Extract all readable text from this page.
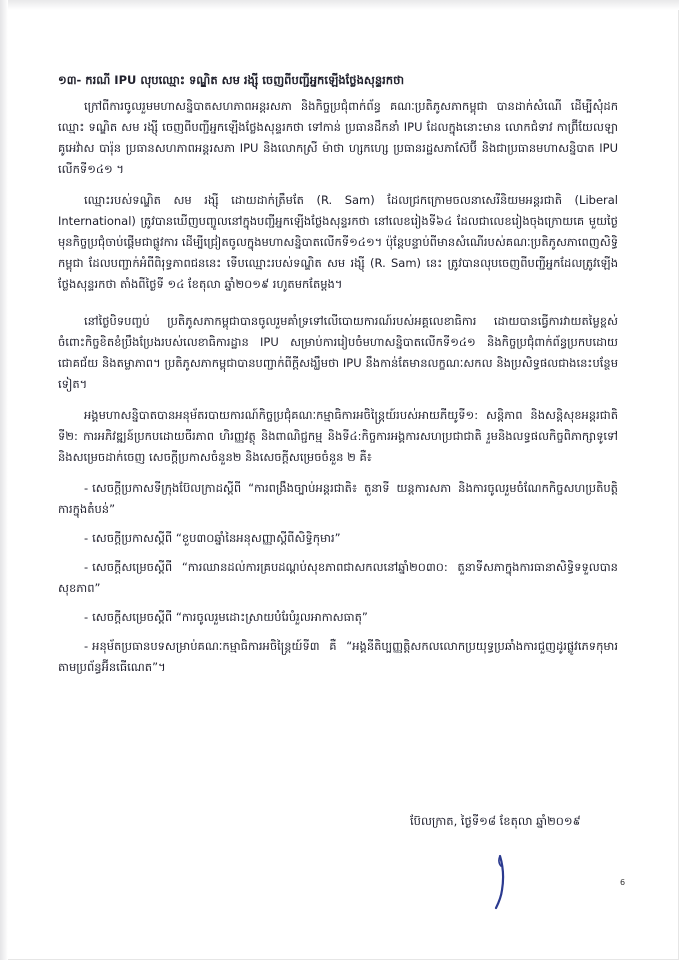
១៣- ករណី IPU លុបឈ្មោះ ទណ្ឌិត សម រង្ស៊ី ចេញពីបញ្ជីអ្នកឡើងថ្លែងសុន្ទរកថា

ក្រៅពីការចូលរួមមហាសន្និបាតសហភាពអន្តរសភា និងកិច្ចប្រជុំពាក់ព័ន្ធ គណៈប្រតិភូសភាកម្ពុជា បានដាក់សំណើ ដើម្បីសុំដកឈ្មោះ ទណ្ឌិត សម រង្ស៊ី ចេញពីបញ្ជីអ្នកឡើងថ្លែងសុន្ទរកថា ទៅកាន់ ប្រធានដឹកនាំ IPU ដែលក្នុងនោះមាន លោកជំទាវ កាព្រ៊ីយែលឡា គូអេវ៉ាស បារ៉ុន ប្រធានសហភាពអន្តរសភា IPU និងលោកស្រី ម៉ាថា ហ្សកហ្សេ ប្រធានរដ្ឋសភាស៊ែប៊ី និងជាប្រធានមហាសន្និបាត IPU លើកទី១៤១ ។

ឈ្មោះរបស់ទណ្ឌិត សម រង្ស៊ី ដោយដាក់ត្រឹមតែ (R. Sam) ដែលជ្រកក្រោមចលនាសេរីនិយមអន្តរជាតិ (Liberal International) ត្រូវបានឃើញបញ្ចូលនៅក្នុងបញ្ជីអ្នកឡើងថ្លែងសុន្ទរកថា នៅលេខរៀងទី៦៤ ដែលជាលេខរៀងចុងក្រោយគេ មួយថ្ងៃមុនកិច្ចប្រជុំចាប់ផ្ដើមជាផ្លូវការ ដើម្បីជ្រៀតចូលក្នុងមហាសន្និបាតលើកទី១៤១។ ប៉ុន្តែបន្ទាប់ពីមានសំណើរបស់គណៈប្រតិភូសភាពេញសិទ្ធិកម្ពុជា ដែលបញ្ជាក់អំពីពិរុទ្ធភាពជននេះ ទើបឈ្មោះរបស់ទណ្ឌិត សម រង្ស៊ី (R. Sam) នេះ ត្រូវបានលុបចេញពីបញ្ជីអ្នកដែលត្រូវឡើងថ្លែងសុន្ទរកថា តាំងពីថ្ងៃទី ១៤ ខែតុលា ឆ្នាំ២០១៩ រហូតមកតែម្ដង។

នៅថ្ងៃបិទបញ្ចប់ ប្រតិភូសភាកម្ពុជាបានចូលរួមគាំទ្រទៅលើបោយការណ៍របស់អគ្គលេខាធិការ ដោយបានធ្វើការវាយតម្លៃខ្ពស់ ចំពោះកិច្ចខិតខំប្រឹងប្រែងរបស់លេខាធិការដ្ឋាន IPU សម្រាប់ការរៀបចំមហាសន្និបាតលើកទី១៤១ និងកិច្ចប្រជុំពាក់ព័ន្ធប្រកបដោយជោគជ័យ និងតម្លាភាព។ ប្រតិភូសភាកម្ពុជាបានបញ្ជាក់ពីក្ដីសង្ឃឹមថា IPU នឹងកាន់តែមានលក្ខណៈសកល និងប្រសិទ្ធផលជាងនេះបន្ថែមទៀត។

អង្គមហាសន្និបាតបានអនុម័តរបាយការណ៍កិច្ចប្រជុំគណៈកម្មាធិការអចិន្ត្រៃយ៍របស់អាយភីយូទី១: សន្តិភាព និងសន្តិសុខអន្តរជាតិ ទី២: ការអភិវឌ្ឍន៍ប្រកបដោយចីរភាព ហិរញ្ញវត្ថុ និងពាណិជ្ជកម្ម និងទី៤:កិច្ចការអង្គការសហប្រជាជាតិ រួមនិងលទ្ធផលកិច្ចពិភាក្សាទូទៅ និងសម្រេចដាក់ចេញ សេចក្ដីប្រកាសចំនួន២ និងសេចក្ដីសម្រេចចំនួន ២ គឺ៖

- សេចក្ដីប្រកាសទីក្រុងប៊ែលក្រាដស្ដីពី “ការពង្រឹងច្បាប់អន្តរជាតិ៖ តួនាទី យន្តការសភា និងការចូលរួមចំណែកកិច្ចសហប្រតិបត្តិការក្នុងតំបន់”
- សេចក្ដីប្រកាសស្ដីពី “ខួប៣០ឆ្នាំនៃអនុសញ្ញាស្ដីពីសិទ្ធិកុមារ”
- សេចក្ដីសម្រេចស្ដីពី “ការឈានដល់ការគ្របដណ្ដប់សុខភាពជាសកលនៅឆ្នាំ២០៣០: តួនាទីសភាក្នុងការធានាសិទ្ធិទទួលបានសុខភាព”
- សេចក្ដីសម្រេចស្ដីពី “ការចូលរួមដោះស្រាយបំរែបំរួលអាកាសធាតុ”
- អនុម័តប្រធានបទសម្រាប់គណៈកម្មាធិការអចិន្ត្រៃយ៍ទី៣ គឺ “អង្គនីតិប្បញ្ញត្តិសកលលោកប្រយុទ្ធប្រឆាំងការជួញដូរផ្លូវភេទកុមារតាមប្រព័ន្ធអ៊ីនធើណេត”។
ប៊ែលក្រាត, ថ្ងៃទី១៨ ខែតុលា ឆ្នាំ២០១៩
6
